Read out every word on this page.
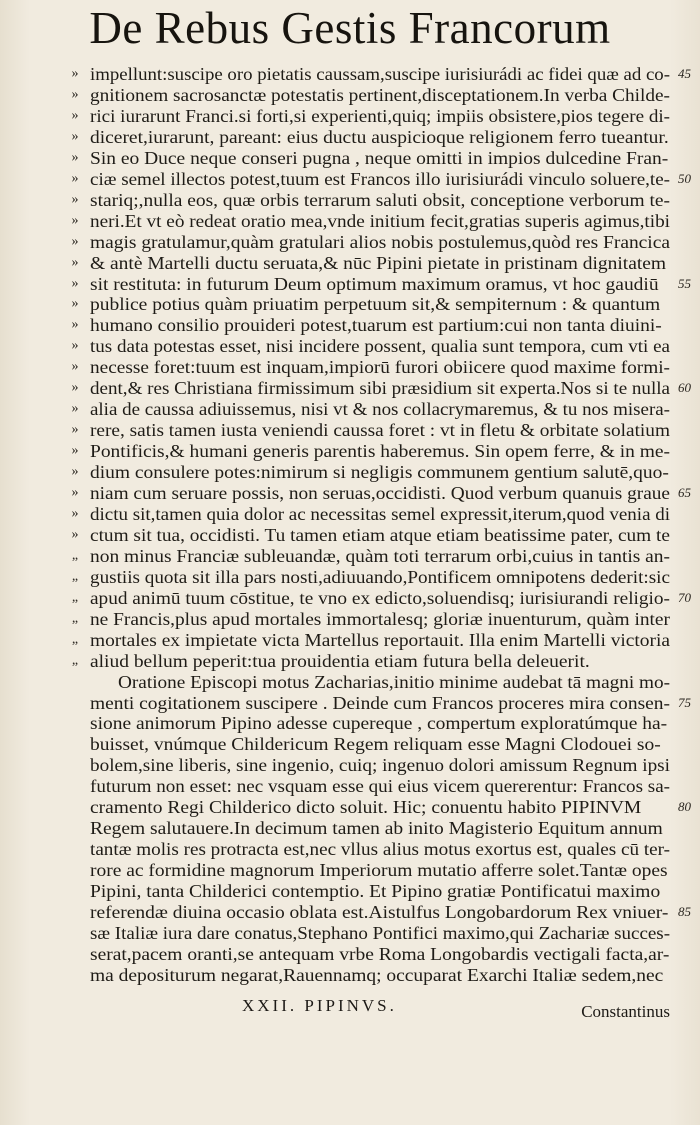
De Rebus Gestis Francorum
» impellunt:suscipe oro pietatis caussam,suscipe iurisiurádi ac fidei quæ ad co- 45
» gnitionem sacrosanctæ potestatis pertinent,disceptationem.In verba Childe-
» rici iurarunt Franci.si forti,si experienti,quiq; impiis obsistere,pios tegere di-
» diceret,iurarunt, pareant: eius ductu auspicioque religionem ferro tueantur.
» Sin eo Duce neque conseri pugna , neque omitti in impios dulcedine Fran-
» ciæ semel illectos potest,tuum est Francos illo iurisiurádi vinculo soluere,te- 50
» stariq;,nulla eos, quæ orbis terrarum saluti obsit, conceptione verborum te-
» neri.Et vt eò redeat oratio mea,vnde initium fecit,gratias superis agimus,tibi
» magis gratulamur,quàm gratulari alios nobis postulemus,quòd res Francica
» & antè Martelli ductu seruata,& nūc Pipini pietate in pristinam dignitatem
» sit restituta: in futurum Deum optimum maximum oramus, vt hoc gaudiū 55
» publice potius quàm priuatim perpetuum sit,& sempiternum : & quantum
» humano consilio prouideri potest,tuarum est partium:cui non tanta diuini-
» tus data potestas esset, nisi incidere possent, qualia sunt tempora, cum vti ea
» necesse foret:tuum est inquam,impiorū furori obiicere quod maxime formi-
» dent,& res Christiana firmissimum sibi præsidium sit experta.Nos si te nulla 60
» alia de caussa adiuissemus, nisi vt & nos collacrymaremus, & tu nos misera-
» rere, satis tamen iusta veniendi caussa foret : vt in fletu & orbitate solatium
» Pontificis,& humani generis parentis haberemus. Sin opem ferre, & in me-
» dium consulere potes:nimirum si negligis communem gentium salutē,quo-
» niam cum seruare possis, non seruas,occidisti. Quod verbum quanuis graue 65
» dictu sit,tamen quia dolor ac necessitas semel expressit,iterum,quod venia di
» ctum sit tua, occidisti. Tu tamen etiam atque etiam beatissime pater, cum te
„ non minus Franciæ subleuandæ, quàm toti terrarum orbi,cuius in tantis an-
„ gustiis quota sit illa pars nosti,adiuuando,Pontificem omnipotens dederit:sic
„ apud animū tuum cōstitue, te vno ex edicto,soluendisq; iurisiurandi religio- 70
„ ne Francis,plus apud mortales immortalesq; gloriæ inuenturum, quàm inter
„ mortales ex impietate victa Martellus reportauit. Illa enim Martelli victoria
„ aliud bellum peperit:tua prouidentia etiam futura bella deleuerit.
Oratione Episcopi motus Zacharias,initio minime audebat tā magni mo-
menti cogitationem suscipere . Deinde cum Francos proceres mira consen- 75
sione animorum Pipino adesse cupereque , compertum exploratúmque ha-
buisset, vnúmque Childericum Regem reliquam esse Magni Clodouei so-
bolem,sine liberis, sine ingenio, cuiq; ingenuo dolori amissum Regnum ipsi
futurum non esset: nec vsquam esse qui eius vicem quererentur: Francos sa-
cramento Regi Childerico dicto soluit. Hic; conuentu habito PIPINVM	80
Regem salutauere.In decimum tamen ab inito Magisterio Equitum annum
tantæ molis res protracta est,nec vllus alius motus exortus est, quales cū ter-
rore ac formidine magnorum Imperiorum mutatio afferre solet.Tantæ opes
Pipini, tanta Childerici contemptio. Et Pipino gratiæ Pontificatui maximo
referendæ diuina occasio oblata est.Aistulfus Longobardorum Rex vniuer- 85
sæ Italiæ iura dare conatus,Stephano Pontifici maximo,qui Zachariæ succes-
serat,pacem oranti,se antequam vrbe Roma Longobardis vectigali facta,ar-
ma depositurum negarat,Rauennamq; occuparat Exarchi Italiæ sedem,nec
XXII. PIPINVS.	Constantinus
